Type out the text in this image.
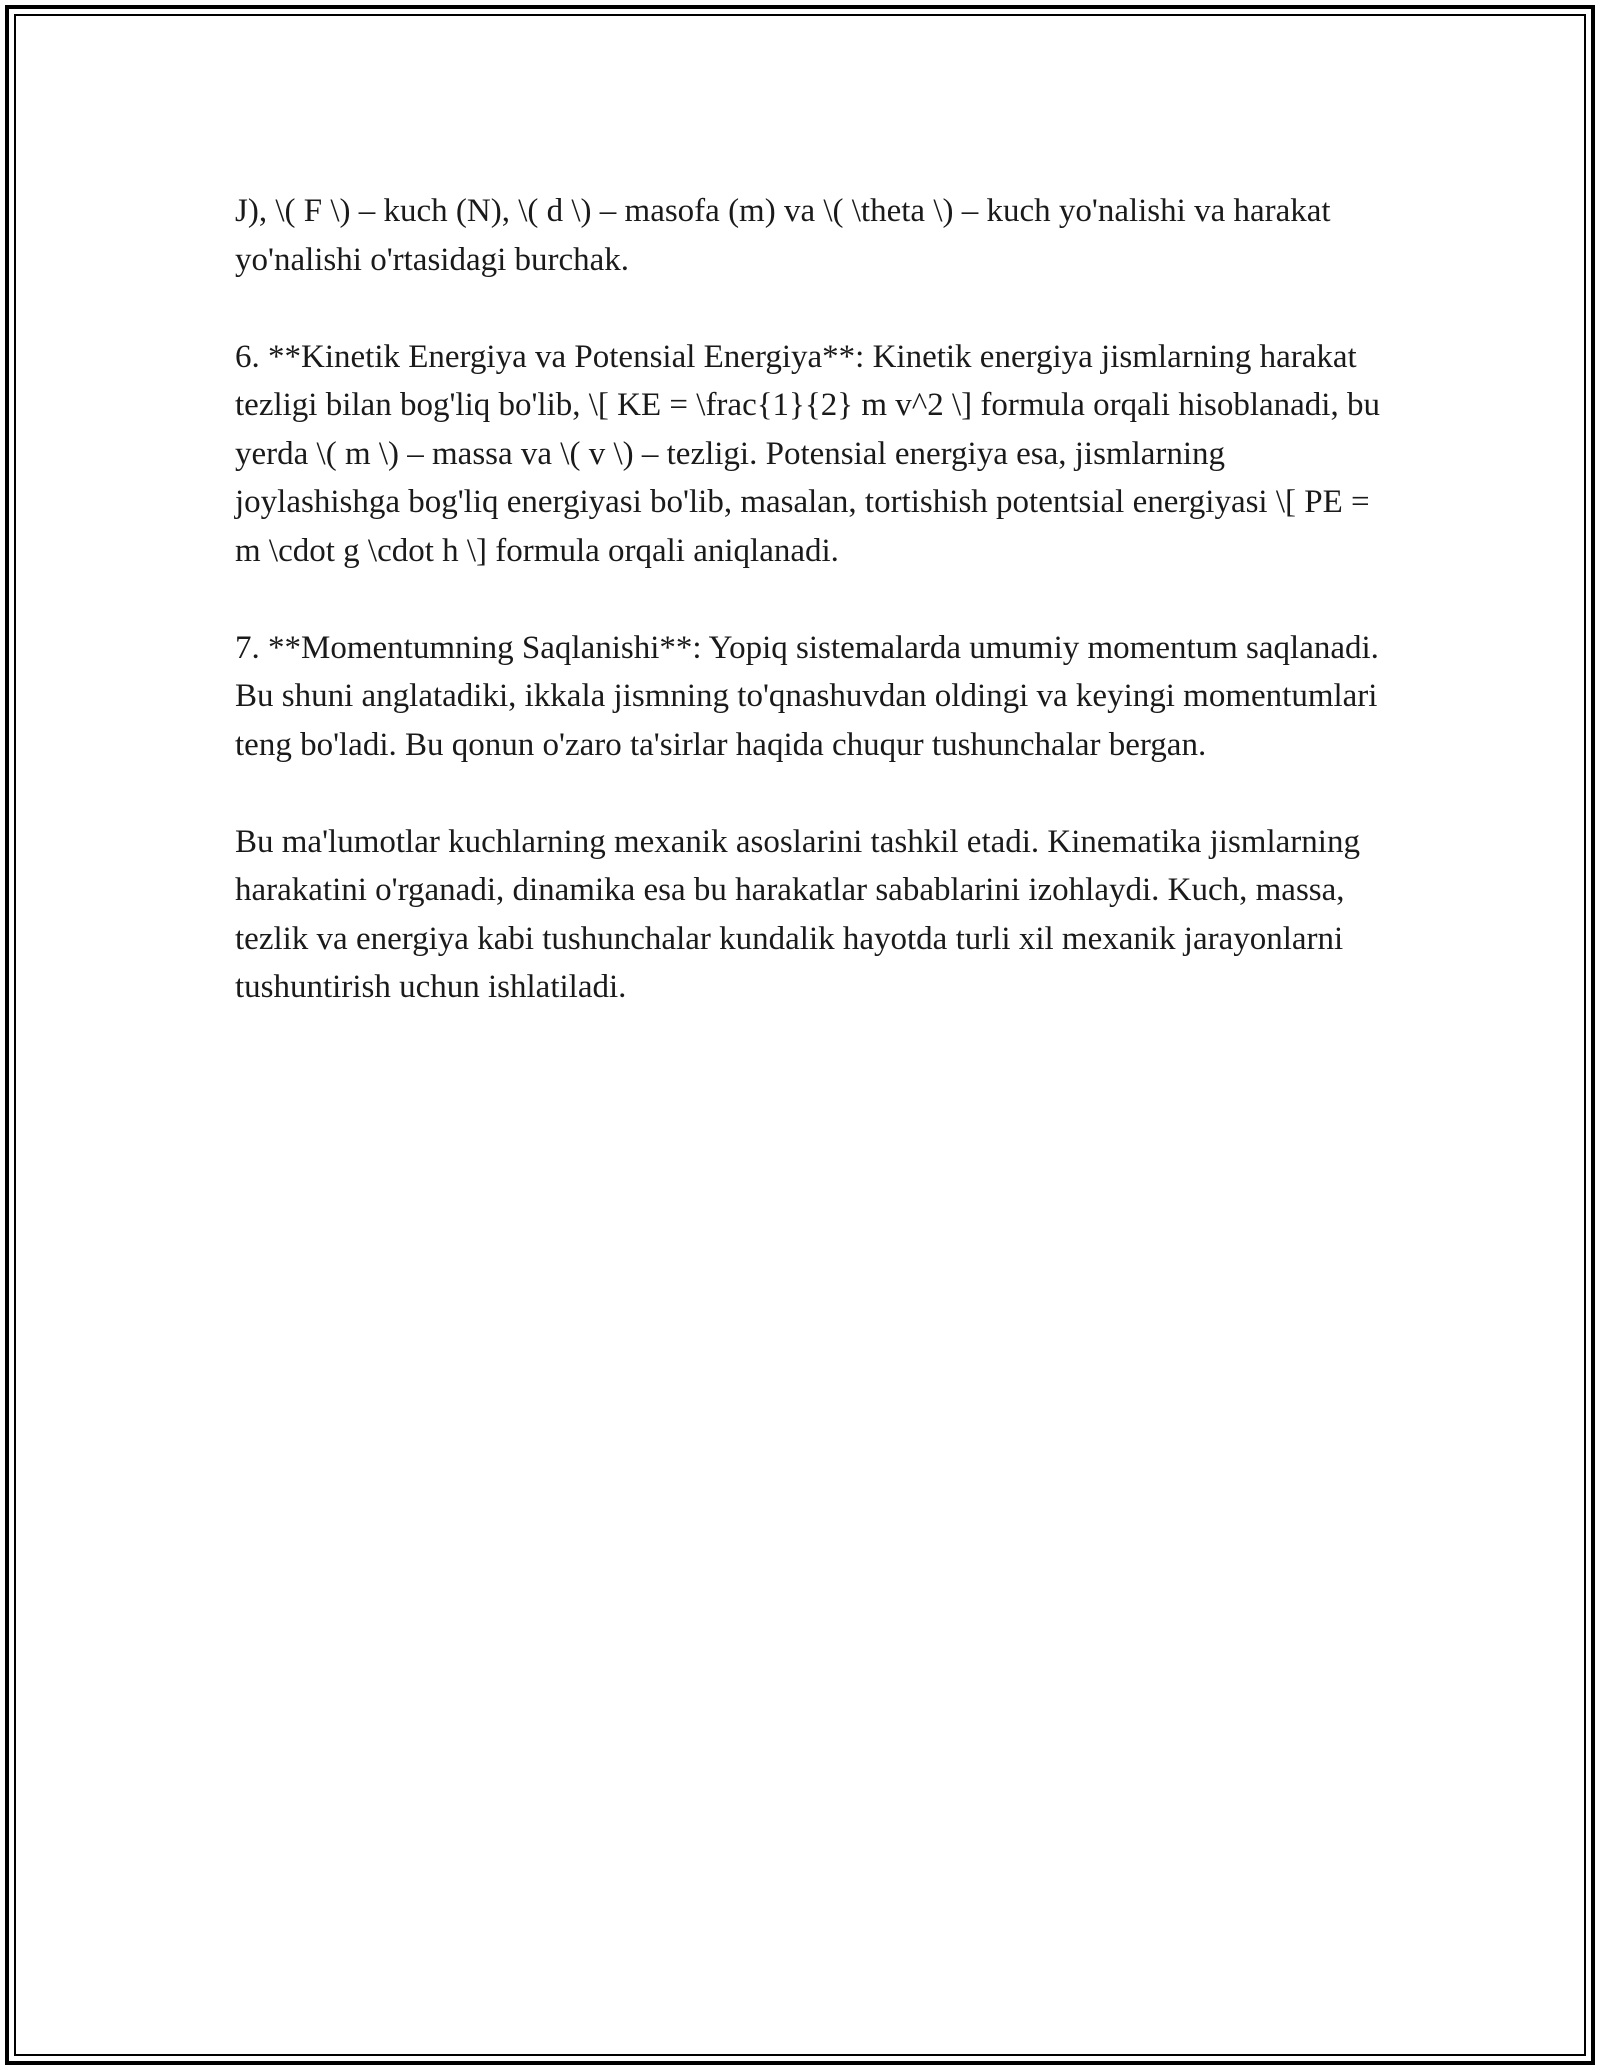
J), \( F \) – kuch (N), \( d \) – masofa (m) va \( \theta \) – kuch yo'nalishi va harakat yo'nalishi o'rtasidagi burchak.

6. **Kinetik Energiya va Potensial Energiya**: Kinetik energiya jismlarning harakat tezligi bilan bog'liq bo'lib, \[ KE = \frac{1}{2} m v^2 \] formula orqali hisoblanadi, bu yerda \( m \) – massa va \( v \) – tezligi. Potensial energiya esa, jismlarning joylashishga bog'liq energiyasi bo'lib, masalan, tortishish potentsial energiyasi \[ PE = m \cdot g \cdot h \] formula orqali aniqlanadi.

7. **Momentumning Saqlanishi**: Yopiq sistemalarda umumiy momentum saqlanadi. Bu shuni anglatadiki, ikkala jismning to'qnashuvdan oldingi va keyingi momentumlari teng bo'ladi. Bu qonun o'zaro ta'sirlar haqida chuqur tushunchalar bergan.

Bu ma'lumotlar kuchlarning mexanik asoslarini tashkil etadi. Kinematika jismlarning harakatini o'rganadi, dinamika esa bu harakatlar sabablarini izohlaydi. Kuch, massa, tezlik va energiya kabi tushunchalar kundalik hayotda turli xil mexanik jarayonlarni tushuntirish uchun ishlatiladi.
